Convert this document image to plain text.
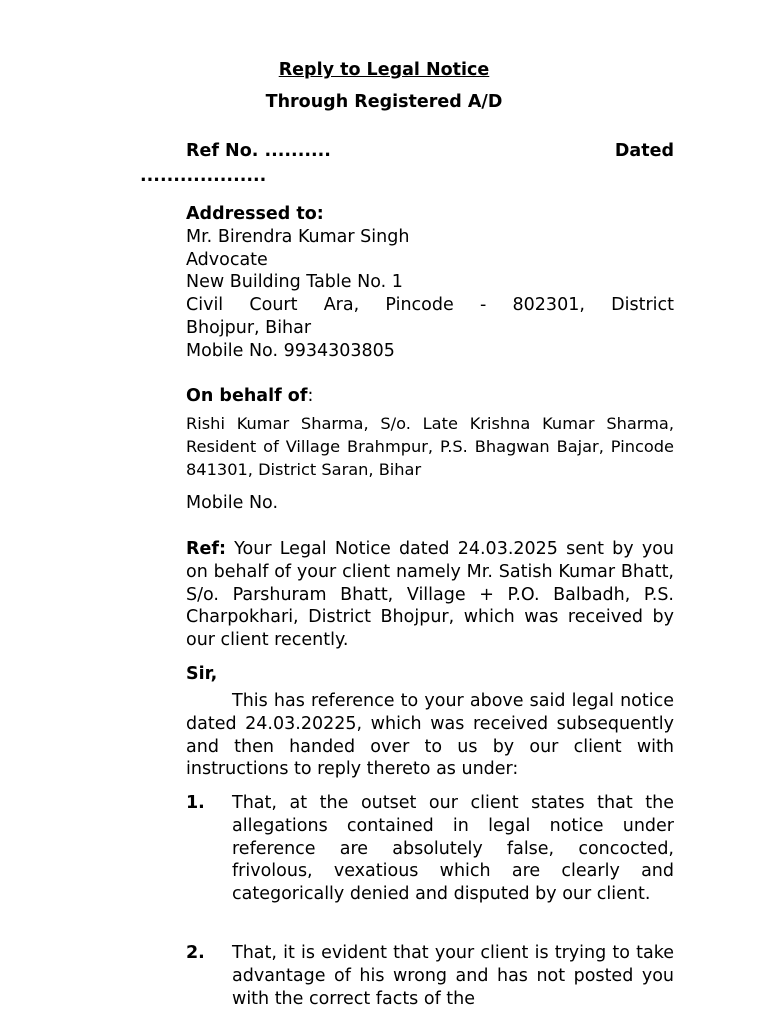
Reply to Legal Notice
Through Registered A/D
Ref No. ..........	Dated
...................
Addressed to:
Mr. Birendra Kumar Singh
Advocate
New Building Table No. 1
Civil Court Ara, Pincode - 802301, District
Bhojpur, Bihar
Mobile No. 9934303805
On behalf of:
Rishi Kumar Sharma, S/o. Late Krishna Kumar Sharma, Resident of Village Brahmpur, P.S. Bhagwan Bajar, Pincode 841301, District Saran, Bihar
Mobile No.
Ref: Your Legal Notice dated 24.03.2025 sent by you on behalf of your client namely Mr. Satish Kumar Bhatt, S/o. Parshuram Bhatt, Village + P.O. Balbadh, P.S. Charpokhari, District Bhojpur, which was received by our client recently.
Sir,
This has reference to your above said legal notice dated 24.03.20225, which was received subsequently and then handed over to us by our client with instructions to reply thereto as under:
1. That, at the outset our client states that the allegations contained in legal notice under reference are absolutely false, concocted, frivolous, vexatious which are clearly and categorically denied and disputed by our client.
2. That, it is evident that your client is trying to take advantage of his wrong and has not posted you with the correct facts of the
